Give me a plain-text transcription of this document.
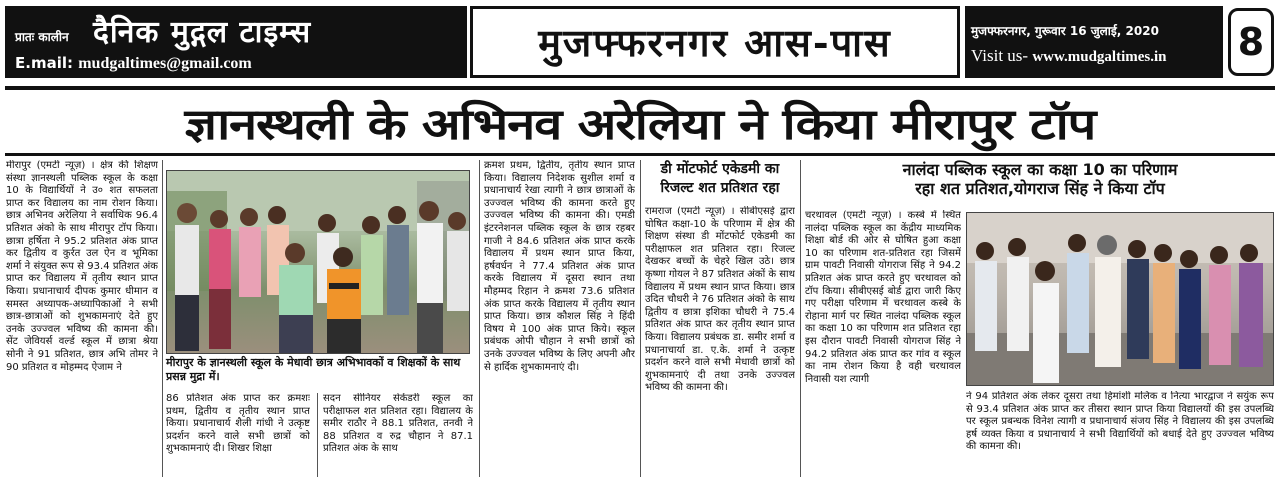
प्रातः कालीन दैनिक मुद्गल टाइम्स
E.mail: mudgaltimes@gmail.com	मुजफ्फरनगर आस-पास	मुजफ्फरनगर, गुरूवार 16 जुलाई, 2020
Visit us- www.mudgaltimes.in 8
ज्ञानस्थली के अभिनव अरेलिया ने किया मीरापुर टॉप

मीरापुर (एमटी न्यूज़) । क्षेत्र की शिक्षण संस्था ज्ञानस्थली पब्लिक स्कूल के कक्षा 10 के विद्यार्थियों ने उ० शत सफलता प्राप्त कर विद्यालय का नाम रोशन किया। छात्र अभिनव अरेलिया ने सर्वाधिक 96.4 प्रतिशत अंको के साथ मीरापुर टॉप किया। छात्रा हर्षिता ने 95.2 प्रतिशत अंक प्राप्त कर द्वितीय व कुर्रत उल ऐन व भूमिका शर्मा ने संयुक्त रूप से 93.4 प्रतिशत अंक प्राप्त कर विद्यालय में तृतीय स्थान प्राप्त किया। प्रधानाचार्य दीपक कुमार धीमान व समस्त अध्यापक-अध्यापिकाओं ने सभी छात्र-छात्राओं को शुभकामनाएं देते हुए उनके उज्ज्वल भविष्य की कामना की। सेंट जेवियर्स वर्ल्ड स्कूल में छात्रा श्रेया सोनी ने 91 प्रतिशत, छात्र अभि तोमर ने 90 प्रतिशत व मोहम्मद ऐजाम ने	मीरापुर के ज्ञानस्थली स्कूल के मेधावी छात्र अभिभावकों व शिक्षकों के साथ प्रसन्न मुद्रा में।

86 प्रतिशत अंक प्राप्त कर क्रमशः प्रथम, द्वितीय व तृतीय स्थान प्राप्त किया। प्रधानाचार्य शैली गांधी ने उत्कृष्ट प्रदर्शन करने वाले सभी छात्रों को शुभकामनाएं दी। शिखर शिक्षा

सदन सीनियर सेकेंडरी स्कूल का परीक्षाफल शत प्रतिशत रहा। विद्यालय के समीर राठौर ने 88.1 प्रतिशत, तनवी ने 88 प्रतिशत व रुद्र चौहान ने 87.1 प्रतिशत अंक के साथ

क्रमश प्रथम, द्वितीय, तृतीय स्थान प्राप्त किया। विद्यालय निदेशक सुशील शर्मा व प्रधानाचार्य रेखा त्यागी ने छात्र छात्राओं के उज्ज्वल भविष्य की कामना करते हुए उज्ज्वल भविष्य की कामना की। एमडी इंटरनेशनल पब्लिक स्कूल के छात्र रहबर गाजी ने 84.6 प्रतिशत अंक प्राप्त करके विद्यालय में प्रथम स्थान प्राप्त किया, हर्षवर्धन ने 77.4 प्रतिशत अंक प्राप्त करके विद्यालय में दूसरा स्थान तथा मौहम्मद रिहान ने क्रमश 73.6 प्रतिशत अंक प्राप्त करके विद्यालय में तृतीय स्थान प्राप्त किया। छात्र कौशल सिंह ने हिंदी विषय मे 100 अंक प्राप्त किये। स्कूल प्रबंधक ओपी चौहान ने सभी छात्रों को उनके उज्ज्वल भविष्य के लिए अपनी और से हार्दिक शुभकामनाएं दी।

डी मोंटफोर्ट एकेडमी का रिजल्ट शत प्रतिशत रहा

रामराज (एमटी न्यूज़) । सीबीएसई द्वारा घोषित कक्षा-10 के परिणाम में क्षेत्र की शिक्षण संस्था डी मोंटफोर्ट एकेडमी का परीक्षाफल शत प्रतिशत रहा। रिजल्ट देखकर बच्चों के चेहरे खिल उठे। छात्र कृष्णा गोयल ने 87 प्रतिशत अंकों के साथ विद्यालय में प्रथम स्थान प्राप्त किया। छात्र उदित चौधरी ने 76 प्रतिशत अंको के साथ द्वितीय व छात्रा इशिका चौधरी ने 75.4 प्रतिशत अंक प्राप्त कर तृतीय स्थान प्राप्त किया। विद्यालय प्रबंधक डा. समीर शर्मा व प्रधानाचार्या डा. ए.के. शर्मा ने उत्कृष्ट प्रदर्शन करने वाले सभी मेधावी छात्रों को शुभकामनाएं दी तथा उनके उज्ज्वल भविष्य की कामना की।

नालंदा पब्लिक स्कूल का कक्षा 10 का परिणाम
रहा शत प्रतिशत,योगराज सिंह ने किया टॉप

चरथावल (एमटी न्यूज़) । कस्बे में स्थित नालंदा पब्लिक स्कूल का केंद्रीय माध्यमिक शिक्षा बोर्ड की ओर से घोषित हुआ कक्षा 10 का परिणाम शत-प्रतिशत रहा जिसमें ग्राम पावटी निवासी योगराज सिंह ने 94.2 प्रतिशत अंक प्राप्त करते हुए चरथावल को टॉप किया। सीबीएसई बोर्ड द्वारा जारी किए गए परीक्षा परिणाम में चरथावल कस्बे के रोहाना मार्ग पर स्थित नालंदा पब्लिक स्कूल का कक्षा 10 का परिणाम शत प्रतिशत रहा इस दौरान पावटी निवासी योगराज सिंह ने 94.2 प्रतिशत अंक प्राप्त कर गांव व स्कूल का नाम रोशन किया है वही चरथावल निवासी यश त्यागी

ने 94 प्रतिशत अंक लेकर दूसरा तथा हिमांशी मलिक व नित्या भारद्वाज ने सयुंक रूप से 93.4 प्रतिशत अंक प्राप्त कर तीसरा स्थान प्राप्त किया विद्यालयों की इस उपलब्धि पर स्कूल प्रबन्धक विनेश त्यागी व प्रधानाचार्य संजय सिंह ने विद्यालय की इस उपलब्धि हर्ष व्यक्त किया व प्रधानाचार्य ने सभी विद्यार्थियों को बधाई देते हुए उज्ज्वल भविष्य की कामना की।
